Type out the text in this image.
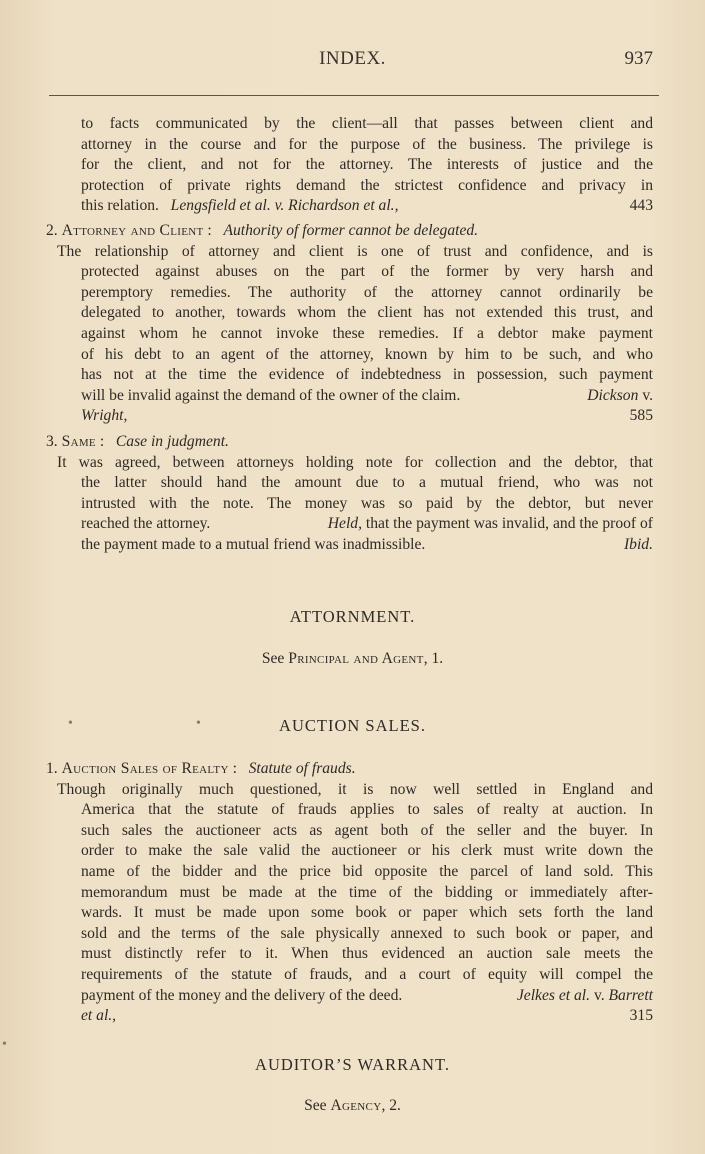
INDEX.	937
to facts communicated by the client—all that passes between client and
attorney in the course and for the purpose of the business. The privilege is
for the client, and not for the attorney. The interests of justice and the
protection of private rights demand the strictest confidence and privacy in
this relation. Lengsfield et al. v. Richardson et al.,	443
2. Attorney and Client :   Authority of former cannot be delegated.
The relationship of attorney and client is one of trust and confidence, and is
protected against abuses on the part of the former by very harsh and
peremptory remedies. The authority of the attorney cannot ordinarily be
delegated to another, towards whom the client has not extended this trust, and
against whom he cannot invoke these remedies. If a debtor make payment
of his debt to an agent of the attorney, known by him to be such, and who
has not at the time the evidence of indebtedness in possession, such payment
will be invalid against the demand of the owner of the claim.	Dickson v.
Wright,	585
3. Same :   Case in judgment.
It was agreed, between attorneys holding note for collection and the debtor, that
the latter should hand the amount due to a mutual friend, who was not
intrusted with the note. The money was so paid by the debtor, but never
reached the attorney.	Held, that the payment was invalid, and the proof of
the payment made to a mutual friend was inadmissible.	Ibid.
ATTORNMENT.
See Principal and Agent, 1.
•	•	AUCTION SALES.
1. Auction Sales of Realty :   Statute of frauds.
Though originally much questioned, it is now well settled in England and
America that the statute of frauds applies to sales of realty at auction. In
such sales the auctioneer acts as agent both of the seller and the buyer. In
order to make the sale valid the auctioneer or his clerk must write down the
name of the bidder and the price bid opposite the parcel of land sold. This
memorandum must be made at the time of the bidding or immediately after-
wards. It must be made upon some book or paper which sets forth the land
sold and the terms of the sale physically annexed to such book or paper, and
must distinctly refer to it. When thus evidenced an auction sale meets the
requirements of the statute of frauds, and a court of equity will compel the
payment of the money and the delivery of the deed.	Jelkes et al. v. Barrett
et al.,	315
•
AUDITOR’S WARRANT.
See Agency, 2.
